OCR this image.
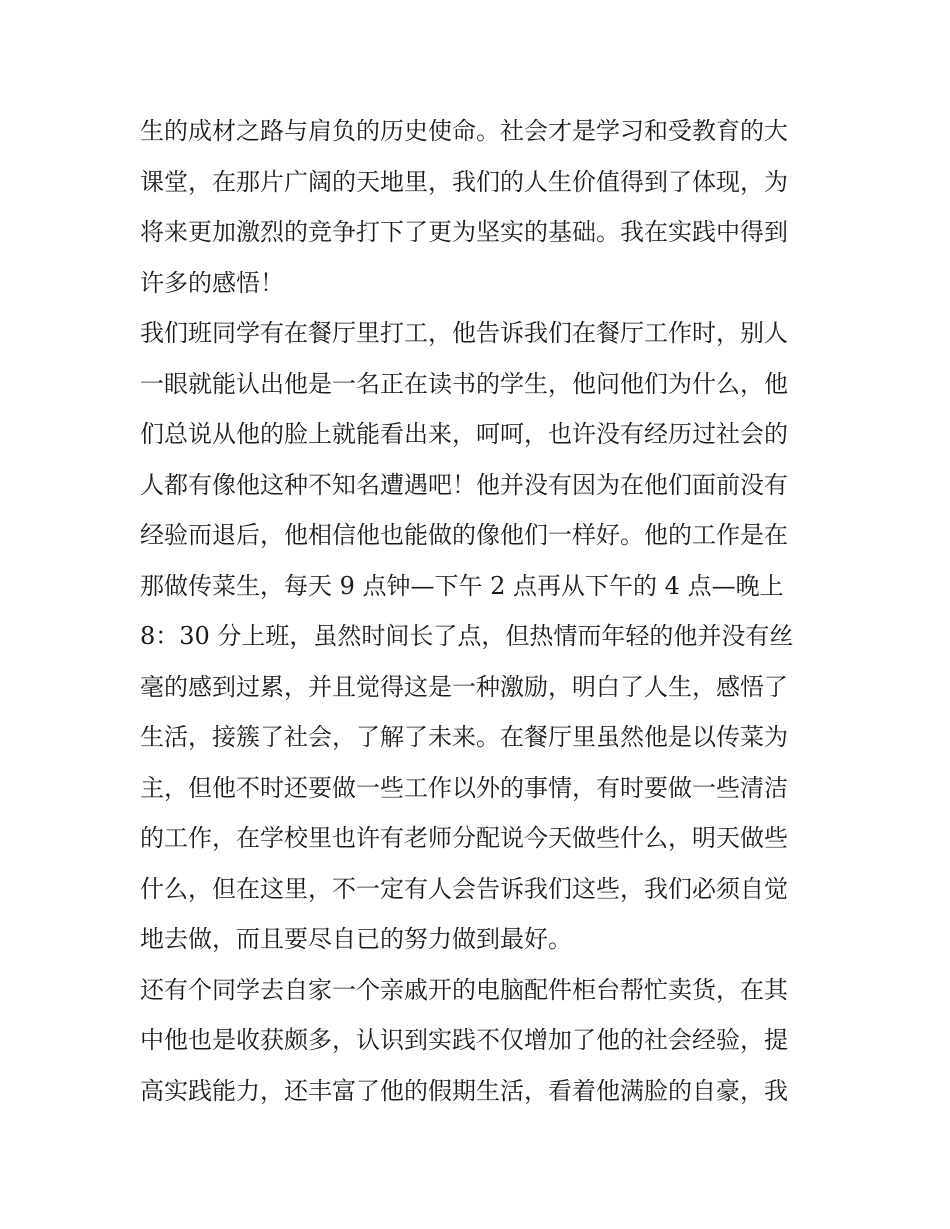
生的成材之路与肩负的历史使命。社会才是学习和受教育的大
课堂，在那片广阔的天地里，我们的人生价值得到了体现，为
将来更加激烈的竞争打下了更为坚实的基础。我在实践中得到
许多的感悟！
我们班同学有在餐厅里打工，他告诉我们在餐厅工作时，别人
一眼就能认出他是一名正在读书的学生，他问他们为什么，他
们总说从他的脸上就能看出来，呵呵，也许没有经历过社会的
人都有像他这种不知名遭遇吧！他并没有因为在他们面前没有
经验而退后，他相信他也能做的像他们一样好。他的工作是在
那做传菜生，每天 9 点钟—下午 2 点再从下午的 4 点—晚上
8：30 分上班，虽然时间长了点，但热情而年轻的他并没有丝
毫的感到过累，并且觉得这是一种激励，明白了人生，感悟了
生活，接簇了社会，了解了未来。在餐厅里虽然他是以传菜为
主，但他不时还要做一些工作以外的事情，有时要做一些清洁
的工作，在学校里也许有老师分配说今天做些什么，明天做些
什么，但在这里，不一定有人会告诉我们这些，我们必须自觉
地去做，而且要尽自已的努力做到最好。
还有个同学去自家一个亲戚开的电脑配件柜台帮忙卖货，在其
中他也是收获颇多，认识到实践不仅增加了他的社会经验，提
高实践能力，还丰富了他的假期生活，看着他满脸的自豪，我
